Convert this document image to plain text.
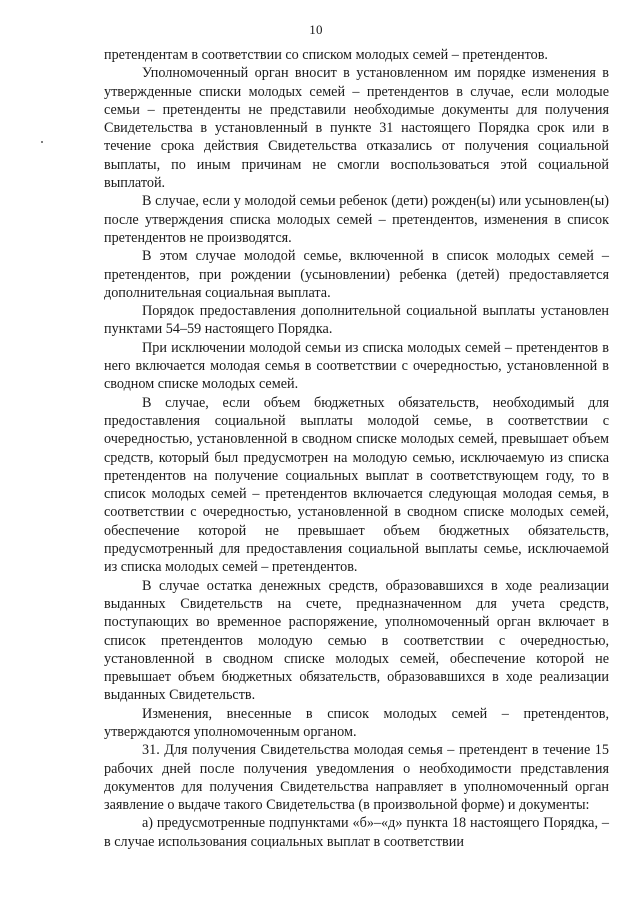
10

претендентам в соответствии со списком молодых семей – претендентов.

Уполномоченный орган вносит в установленном им порядке изменения в утвержденные списки молодых семей – претендентов в случае, если молодые семьи – претенденты не представили необходимые документы для получения Свидетельства в установленный в пункте 31 настоящего Порядка срок или в течение срока действия Свидетельства отказались от получения социальной выплаты, по иным причинам не смогли воспользоваться этой социальной выплатой.

В случае, если у молодой семьи ребенок (дети) рожден(ы) или усыновлен(ы) после утверждения списка молодых семей – претендентов, изменения в список претендентов не производятся.

В этом случае молодой семье, включенной в список молодых семей – претендентов, при рождении (усыновлении) ребенка (детей) предоставляется дополнительная социальная выплата.

Порядок предоставления дополнительной социальной выплаты установлен пунктами 54–59 настоящего Порядка.

При исключении молодой семьи из списка молодых семей – претендентов в него включается молодая семья в соответствии с очередностью, установленной в сводном списке молодых семей.

В случае, если объем бюджетных обязательств, необходимый для предоставления социальной выплаты молодой семье, в соответствии с очередностью, установленной в сводном списке молодых семей, превышает объем средств, который был предусмотрен на молодую семью, исключаемую из списка претендентов на получение социальных выплат в соответствующем году, то в список молодых семей – претендентов включается следующая молодая семья, в соответствии с очередностью, установленной в сводном списке молодых семей, обеспечение которой не превышает объем бюджетных обязательств, предусмотренный для предоставления социальной выплаты семье, исключаемой из списка молодых семей – претендентов.

В случае остатка денежных средств, образовавшихся в ходе реализации выданных Свидетельств на счете, предназначенном для учета средств, поступающих во временное распоряжение, уполномоченный орган включает в список претендентов молодую семью в соответствии с очередностью, установленной в сводном списке молодых семей, обеспечение которой не превышает объем бюджетных обязательств, образовавшихся в ходе реализации выданных Свидетельств.

Изменения, внесенные в список молодых семей – претендентов, утверждаются уполномоченным органом.

31. Для получения Свидетельства молодая семья – претендент в течение 15 рабочих дней после получения уведомления о необходимости представления документов для получения Свидетельства направляет в уполномоченный орган заявление о выдаче такого Свидетельства (в произвольной форме) и документы:

а) предусмотренные подпунктами «б»–«д» пункта 18 настоящего Порядка, – в случае использования социальных выплат в соответствии
